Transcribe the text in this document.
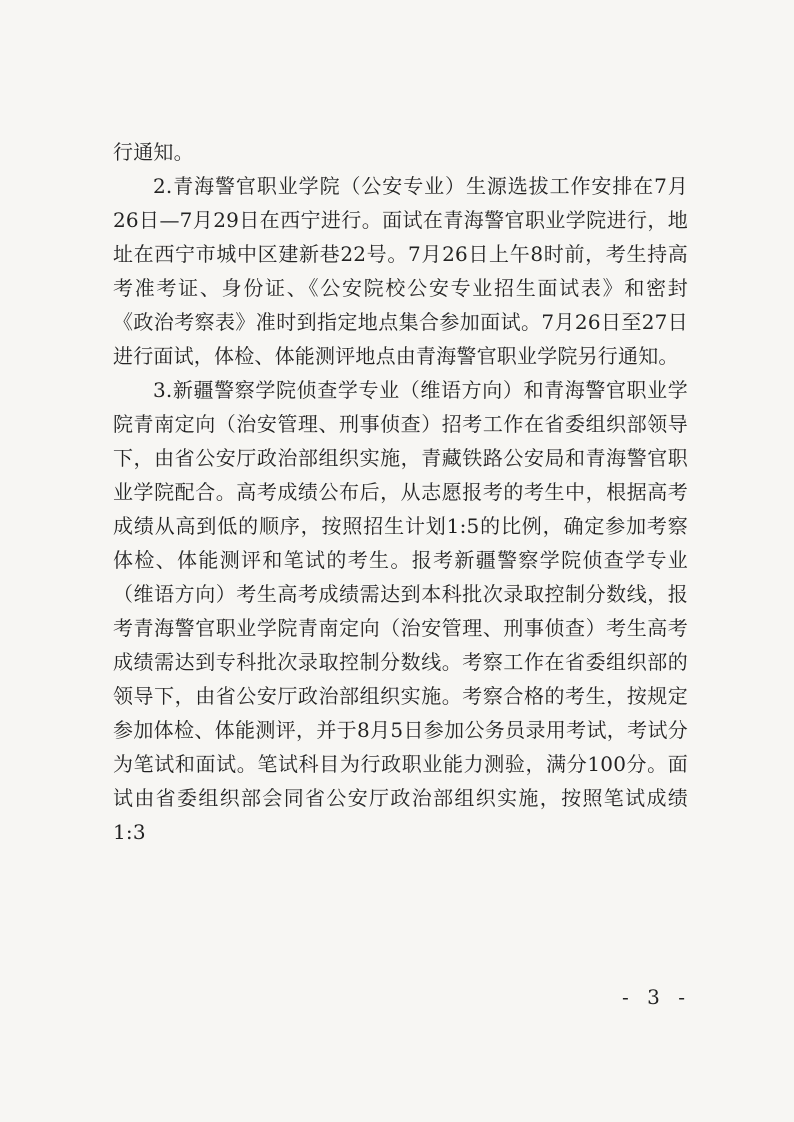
行通知。

2.青海警官职业学院（公安专业）生源选拔工作安排在7月26日—7月29日在西宁进行。面试在青海警官职业学院进行，地址在西宁市城中区建新巷22号。7月26日上午8时前，考生持高考准考证、身份证、《公安院校公安专业招生面试表》和密封《政治考察表》准时到指定地点集合参加面试。7月26日至27日进行面试，体检、体能测评地点由青海警官职业学院另行通知。

3.新疆警察学院侦查学专业（维语方向）和青海警官职业学院青南定向（治安管理、刑事侦查）招考工作在省委组织部领导下，由省公安厅政治部组织实施，青藏铁路公安局和青海警官职业学院配合。高考成绩公布后，从志愿报考的考生中，根据高考成绩从高到低的顺序，按照招生计划1:5的比例，确定参加考察体检、体能测评和笔试的考生。报考新疆警察学院侦查学专业（维语方向）考生高考成绩需达到本科批次录取控制分数线，报考青海警官职业学院青南定向（治安管理、刑事侦查）考生高考成绩需达到专科批次录取控制分数线。考察工作在省委组织部的领导下，由省公安厅政治部组织实施。考察合格的考生，按规定参加体检、体能测评，并于8月5日参加公务员录用考试，考试分为笔试和面试。笔试科目为行政职业能力测验，满分100分。面试由省委组织部会同省公安厅政治部组织实施，按照笔试成绩1:3

- 3 -
